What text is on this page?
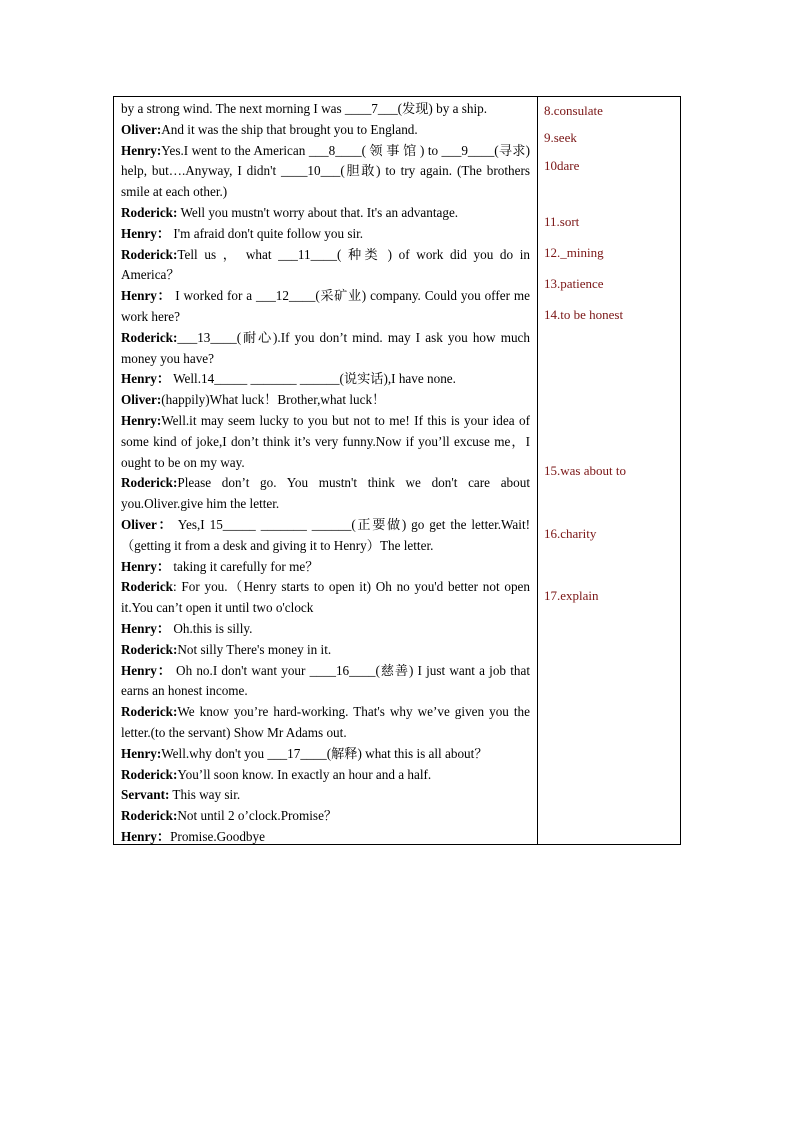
by a strong wind. The next morning I was ____7___(发现) by a ship.
Oliver:And it was the ship that brought you to England.
Henry:Yes.I went to the American ___8____( 领 事 馆 ) to ___9____(寻求) help, but….Anyway, I didn't ____10___(胆敢) to try again. (The brothers smile at each other.)
Roderick: Well you mustn't worry about that. It's an advantage.
Henry： I'm afraid don't quite follow you sir.
Roderick:Tell us ， what ___11____( 种类 ) of work did you do in America？
Henry： I worked for a ___12____(采矿业) company. Could you offer me work here?
Roderick:___13____(耐心).If you don’t mind. may I ask you how much money you have?
Henry： Well.14_____ _______ ______(说实话),I have none.
Oliver:(happily)What luck！Brother,what luck！
Henry:Well.it may seem lucky to you but not to me! If this is your idea of some kind of joke,I don’t think it’s very funny.Now if you’ll excuse me，I ought to be on my way.
Roderick:Please don’t go. You mustn't think we don't care about you.Oliver.give him the letter.
Oliver： Yes,I 15_____ _______ ______(正要做) go get the letter.Wait!（getting it from a desk and giving it to Henry）The letter.
Henry： taking it carefully for me？
Roderick: For you.（Henry starts to open it) Oh no you'd better not open it.You can’t open it until two o'clock
Henry： Oh.this is silly.
Roderick:Not silly There's money in it.
Henry： Oh no.I don't want your ____16____(慈善) I just want a job that earns an honest income.
Roderick:We know you’re hard-working. That's why we’ve given you the letter.(to the servant) Show Mr Adams out.
Henry:Well.why don't you ___17____(解释) what this is all about？
Roderick:You’ll soon know. In exactly an hour and a half.
Servant: This way sir.
Roderick:Not until 2 o’clock.Promise？
Henry：Promise.Goodbye
8.consulate
9.seek
10dare
11.sort
12._mining
13.patience
14.to be honest
15.was about to
16.charity
17.explain
